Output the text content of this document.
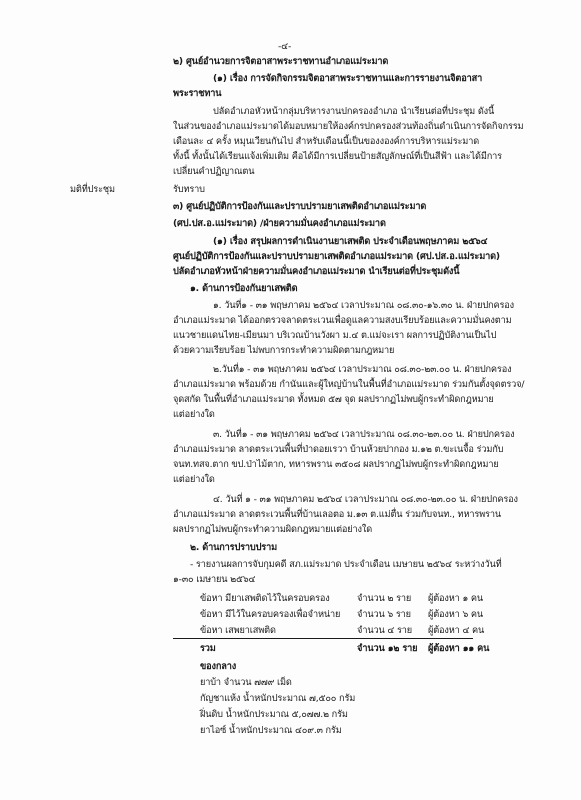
-๔-
๒) ศูนย์อำนวยการจิตอาสาพระราชทานอำเภอแม่ระมาด
(๑) เรื่อง การจัดกิจกรรมจิตอาสาพระราชทานและการรายงานจิตอาสา
พระราชทาน
ปลัดอำเภอหัวหน้ากลุ่มบริหารงานปกครองอำเภอ นำเรียนต่อที่ประชุม ดังนี้
ในส่วนของอำเภอแม่ระมาดได้มอบหมายให้องค์กรปกครองส่วนท้องถิ่นดำเนินการจัดกิจกรรม
เดือนละ ๔ ครั้ง หมุนเวียนกันไป สำหรับเดือนนี้เป็นของงองค์การบริหารแม่ระมาด
ทั้งนี้ ทั้งนั้นได้เรียนแจ้งเพิ่มเติม คือได้มีการเปลี่ยนป้ายสัญลักษณ์ที่เป็นสีฟ้า และได้มีการ
เปลี่ยนคำปฏิญาณตน
มติที่ประชุม	รับทราบ
๓) ศูนย์ปฏิบัติการป้องกันและปราบปรามยาเสพติดอำเภอแม่ระมาด
(ศป.ปส.อ.แม่ระมาด) /ฝ่ายความมั่นคงอำเภอแม่ระมาด
(๑) เรื่อง สรุปผลการดำเนินงานยาเสพติด ประจำเดือนพฤษภาคม ๒๕๖๔
ศูนย์ปฏิบัติการป้องกันและปราบปรามยาเสพติดอำเภอแม่ระมาด (ศป.ปส.อ.แม่ระมาด)
ปลัดอำเภอหัวหน้าฝ่ายความมั่นคงอำเภอแม่ระมาด นำเรียนต่อที่ประชุมดังนี้
๑. ด้านการป้องกันยาเสพติด
๑. วันที่๑ - ๓๑ พฤษภาคม ๒๕๖๔ เวลาประมาณ ๐๘.๓๐-๑๖.๓๐ น. ฝ่ายปกครอง
อำเภอแม่ระมาด ได้ออกตรวจลาดตระเวนเพื่อดูแลความสงบเรียบร้อยและความมั่นคงตาม
แนวชายแดนไทย-เมียนมา บริเวณบ้านวังผา ม.๔ ต.แม่จะเรา ผลการปฏิบัติงานเป็นไป
ด้วยความเรียบร้อย ไม่พบการกระทำความผิดตามกฎหมาย
๒.วันที่๑ - ๓๑ พฤษภาคม ๒๕๖๔ เวลาประมาณ ๐๘.๓๐-๒๓.๐๐ น. ฝ่ายปกครอง
อำเภอแม่ระมาด พร้อมด้วย กำนันและผู้ใหญ่บ้านในพื้นที่อำเภอแม่ระมาด ร่วมกันตั้งจุดตรวจ/
จุดสกัด ในพื้นที่อำเภอแม่ระมาด ทั้งหมด ๕๗ จุด ผลปรากฏไม่พบผู้กระทำผิดกฎหมาย
แต่อย่างใด
๓. วันที่๑ - ๓๑ พฤษภาคม ๒๕๖๔ เวลาประมาณ ๐๘.๓๐-๒๓.๐๐ น. ฝ่ายปกครอง
อำเภอแม่ระมาด ลาดตระเวนพื้นที่ป่าดอยเรวา บ้านห้วยปากอง ม.๑๒ ต.ขะเนจื้อ ร่วมกับ
จนท.ทสจ.ตาก ขป.ป่าไม้ตาก, ทหารพราน ๓๕๐๘ ผลปรากฏไม่พบผู้กระทำผิดกฎหมาย
แต่อย่างใด
๔. วันที่ ๑ - ๓๑ พฤษภาคม ๒๕๖๔ เวลาประมาณ ๐๘.๓๐-๒๓.๐๐ น. ฝ่ายปกครอง
อำเภอแม่ระมาด ลาดตระเวนพื้นที่บ้านเลอตอ ม.๑๓ ต.แม่ตื่น ร่วมกับจนท., ทหารพราน
ผลปรากฏไม่พบผู้กระทำความผิดกฎหมายแต่อย่างใด
๒. ด้านการปราบปราม
- รายงานผลการจับกุมคดี สภ.แม่ระมาด ประจำเดือน เมษายน ๒๕๖๔ ระหว่างวันที่
๑-๓๐ เมษายน ๒๕๖๔
ข้อหา มียาเสพติดไว้ในครอบครอง	จำนวน ๒ ราย ผู้ต้องหา ๑ คน
ข้อหา มีไว้ในครอบครองเพื่อจำหน่าย จำนวน ๖ ราย ผู้ต้องหา ๖ คน
ข้อหา เสพยาเสพติด	จำนวน ๔ ราย ผู้ต้องหา ๔ คน
รวม	จำนวน ๑๒ ราย ผู้ต้องหา ๑๑ คน
ของกลาง
ยาบ้า จำนวน ๗๗๙ เม็ด
กัญชาแห้ง น้ำหนักประมาณ ๗,๕๐๐ กรัม
ฝิ่นดิบ น้ำหนักประมาณ ๕,๐๗๗.๒ กรัม
ยาไอซ์ น้ำหนักประมาณ ๔๐๙.๓ กรัม
